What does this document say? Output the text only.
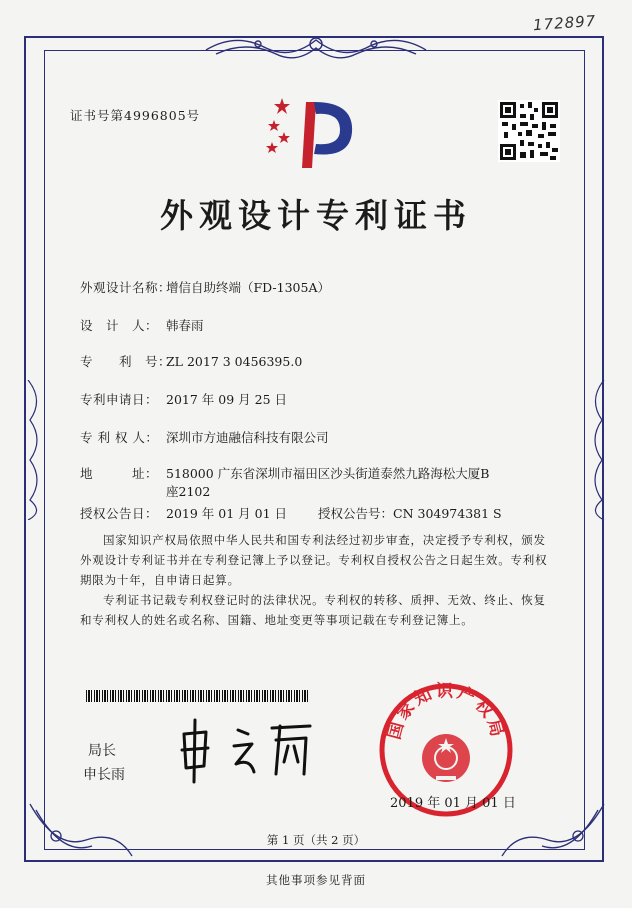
172897
证书号第4996805号
外观设计专利证书
外观设计名称：增信自助终端（FD-1305A）
设　计　人： 韩春雨
专　　利　号：ZL 2017 3 0456395.0
专利申请日： 2017 年 09 月 25 日
专 利 权 人： 深圳市方迪融信科技有限公司
地　　　址： 518000 广东省深圳市福田区沙头街道泰然九路海松大厦B
座2102
授权公告日： 2019 年 01 月 01 日 授权公告号：CN 304974381 S

国家知识产权局依照中华人民共和国专利法经过初步审查，决定授予专利权，颁发外观设计专利证书并在专利登记簿上予以登记。专利权自授权公告之日起生效。专利权期限为十年，自申请日起算。

专利证书记载专利权登记时的法律状况。专利权的转移、质押、无效、终止、恢复和专利权人的姓名或名称、国籍、地址变更等事项记载在专利登记簿上。

局长
申长雨
国家知识产权局
2019 年 01 月 01 日
第 1 页（共 2 页）
其他事项参见背面
